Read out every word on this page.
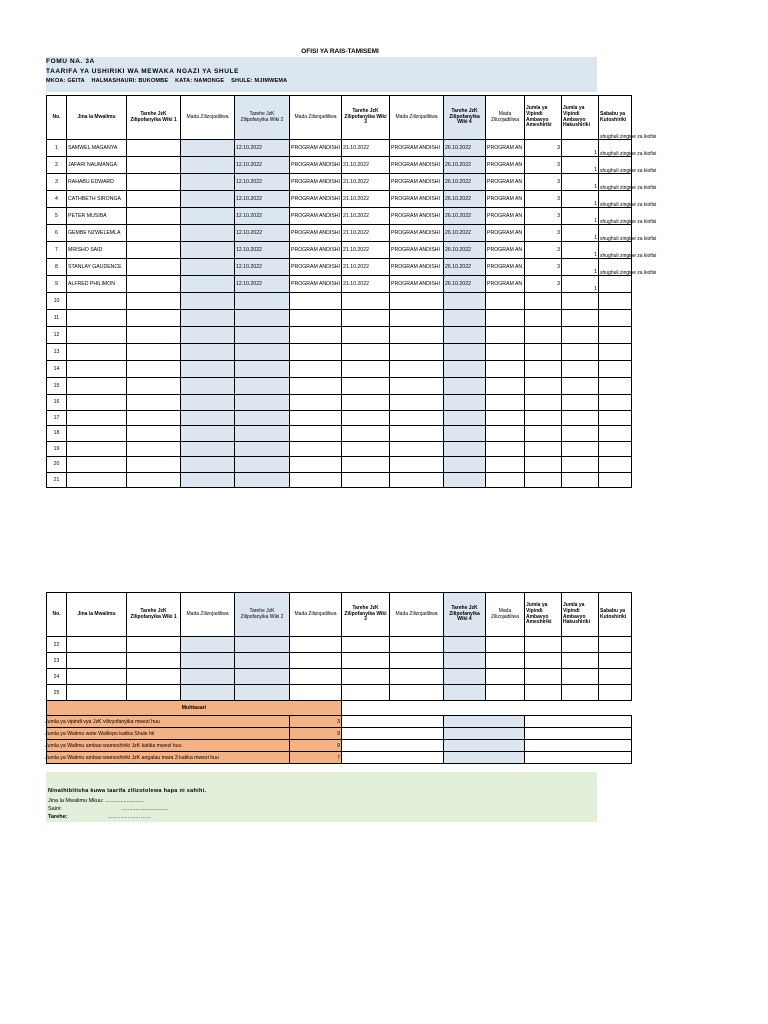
OFISI YA RAIS-TAMISEMI
FOMU NA. 3A
TAARIFA YA USHIRIKI WA MEWAKA NGAZI YA SHULE
MKOA: GEITA    HALMASHAURI: BUKOMBE    KATA: NAMONGE    SHULE: MJIMWEMA
No.	Jina la Mwalimu	Tarehe JzK Zilipofanyika Wiki 1	Mada Zilizojadiliwa	Tarehe JzK Zilipofanyika Wiki 2	Mada Zilizojadiliwa	Tarehe JzK Zilipofanyika Wiki 3	Mada Zilizojadiliwa	Tarehe JzK Zilipofanyika Wiki 4	Mada Zilizojadiliwa	Jumla ya Vipindi Ambavyo Ameshiriki	Jumla ya Vipindi Ambavyo Hakushiriki	Sababu ya Kutoshiriki
1	SAMWEL MAGANYA			12.10.2022	PROGRAM ANDISHI	21.10.2022	PROGRAM ANDISHI	26.10.2022	PROGRAM AN	3	1	shughuli zingine za kiofisi

2	JAFARI NAUMANGA			12.10.2022	PROGRAM ANDISHI	21.10.2022	PROGRAM ANDISHI	26.10.2022	PROGRAM AN	3	1	shughuli zingine za kiofisi

3	RAHABU EDWARD			12.10.2022	PROGRAM ANDISHI	21.10.2022	PROGRAM ANDISHI	26.10.2022	PROGRAM AN	3	1	shughuli zingine za kiofisi

4	CATHBETH SIRONGA			12.10.2022	PROGRAM ANDISHI	21.10.2022	PROGRAM ANDISHI	26.10.2022	PROGRAM AN	3	1	shughuli zingine za kiofisi

5	PETER MUSIBA			12.10.2022	PROGRAM ANDISHI	21.10.2022	PROGRAM ANDISHI	26.10.2022	PROGRAM AN	3	1	shughuli zingine za kiofisi

6	GEMBE NZWELEMLA			12.10.2022	PROGRAM ANDISHI	21.10.2022	PROGRAM ANDISHI	26.10.2022	PROGRAM AN	3	1	shughuli zingine za kiofisi

7	MRISHO SAID			12.10.2022	PROGRAM ANDISHI	21.10.2022	PROGRAM ANDISHI	26.10.2022	PROGRAM AN	3	1	shughuli zingine za kiofisi

8	STANLAY GAUDENCE			12.10.2022	PROGRAM ANDISHI	21.10.2022	PROGRAM ANDISHI	26.10.2022	PROGRAM AN	3	1	shughuli zingine za kiofisi

9	ALFRED PHILIMON			12.10.2022	PROGRAM ANDISHI	21.10.2022	PROGRAM ANDISHI	26.10.2022	PROGRAM AN	3	1	shughuli zingine za kiofisi

10												
11												
12												
13												
14												
15												
16												
17												
18												
19												
20												
21												
No.	Jina la Mwalimu	Tarehe JzK Zilipofanyika Wiki 1	Mada Zilizojadiliwa	Tarehe JzK Zilipofanyika Wiki 2	Mada Zilizojadiliwa	Tarehe JzK Zilipofanyika Wiki 3	Mada Zilizojadiliwa	Tarehe JzK Zilipofanyika Wiki 4	Mada Zilizojadiliwa	Jumla ya Vipindi Ambavyo Ameshiriki	Jumla ya Vipindi Ambavyo Hakushiriki	Sababu ya Kutoshiriki
22												
23												
24												
25												
Muhtasari												
Jumla ya vipindi vya JzK vilivyofanyika mwezi huu					3							
Jumla ya Walimu wote Walilopo katika Shule hii					9							
Jumla ya Walimu ambao wameshiriki JzK katika mwezi huu					9							
Jumla ya Walimu ambao wameshiriki JzK angalau mara 3 katika mwezi huu					7							
Ninathibitisha kuwa taarifa zilizotolewa hapa ni sahihi.
Jina la Mwalimu Mkuu: .........................
Saini:	..............................
Tarehe:	……………………
